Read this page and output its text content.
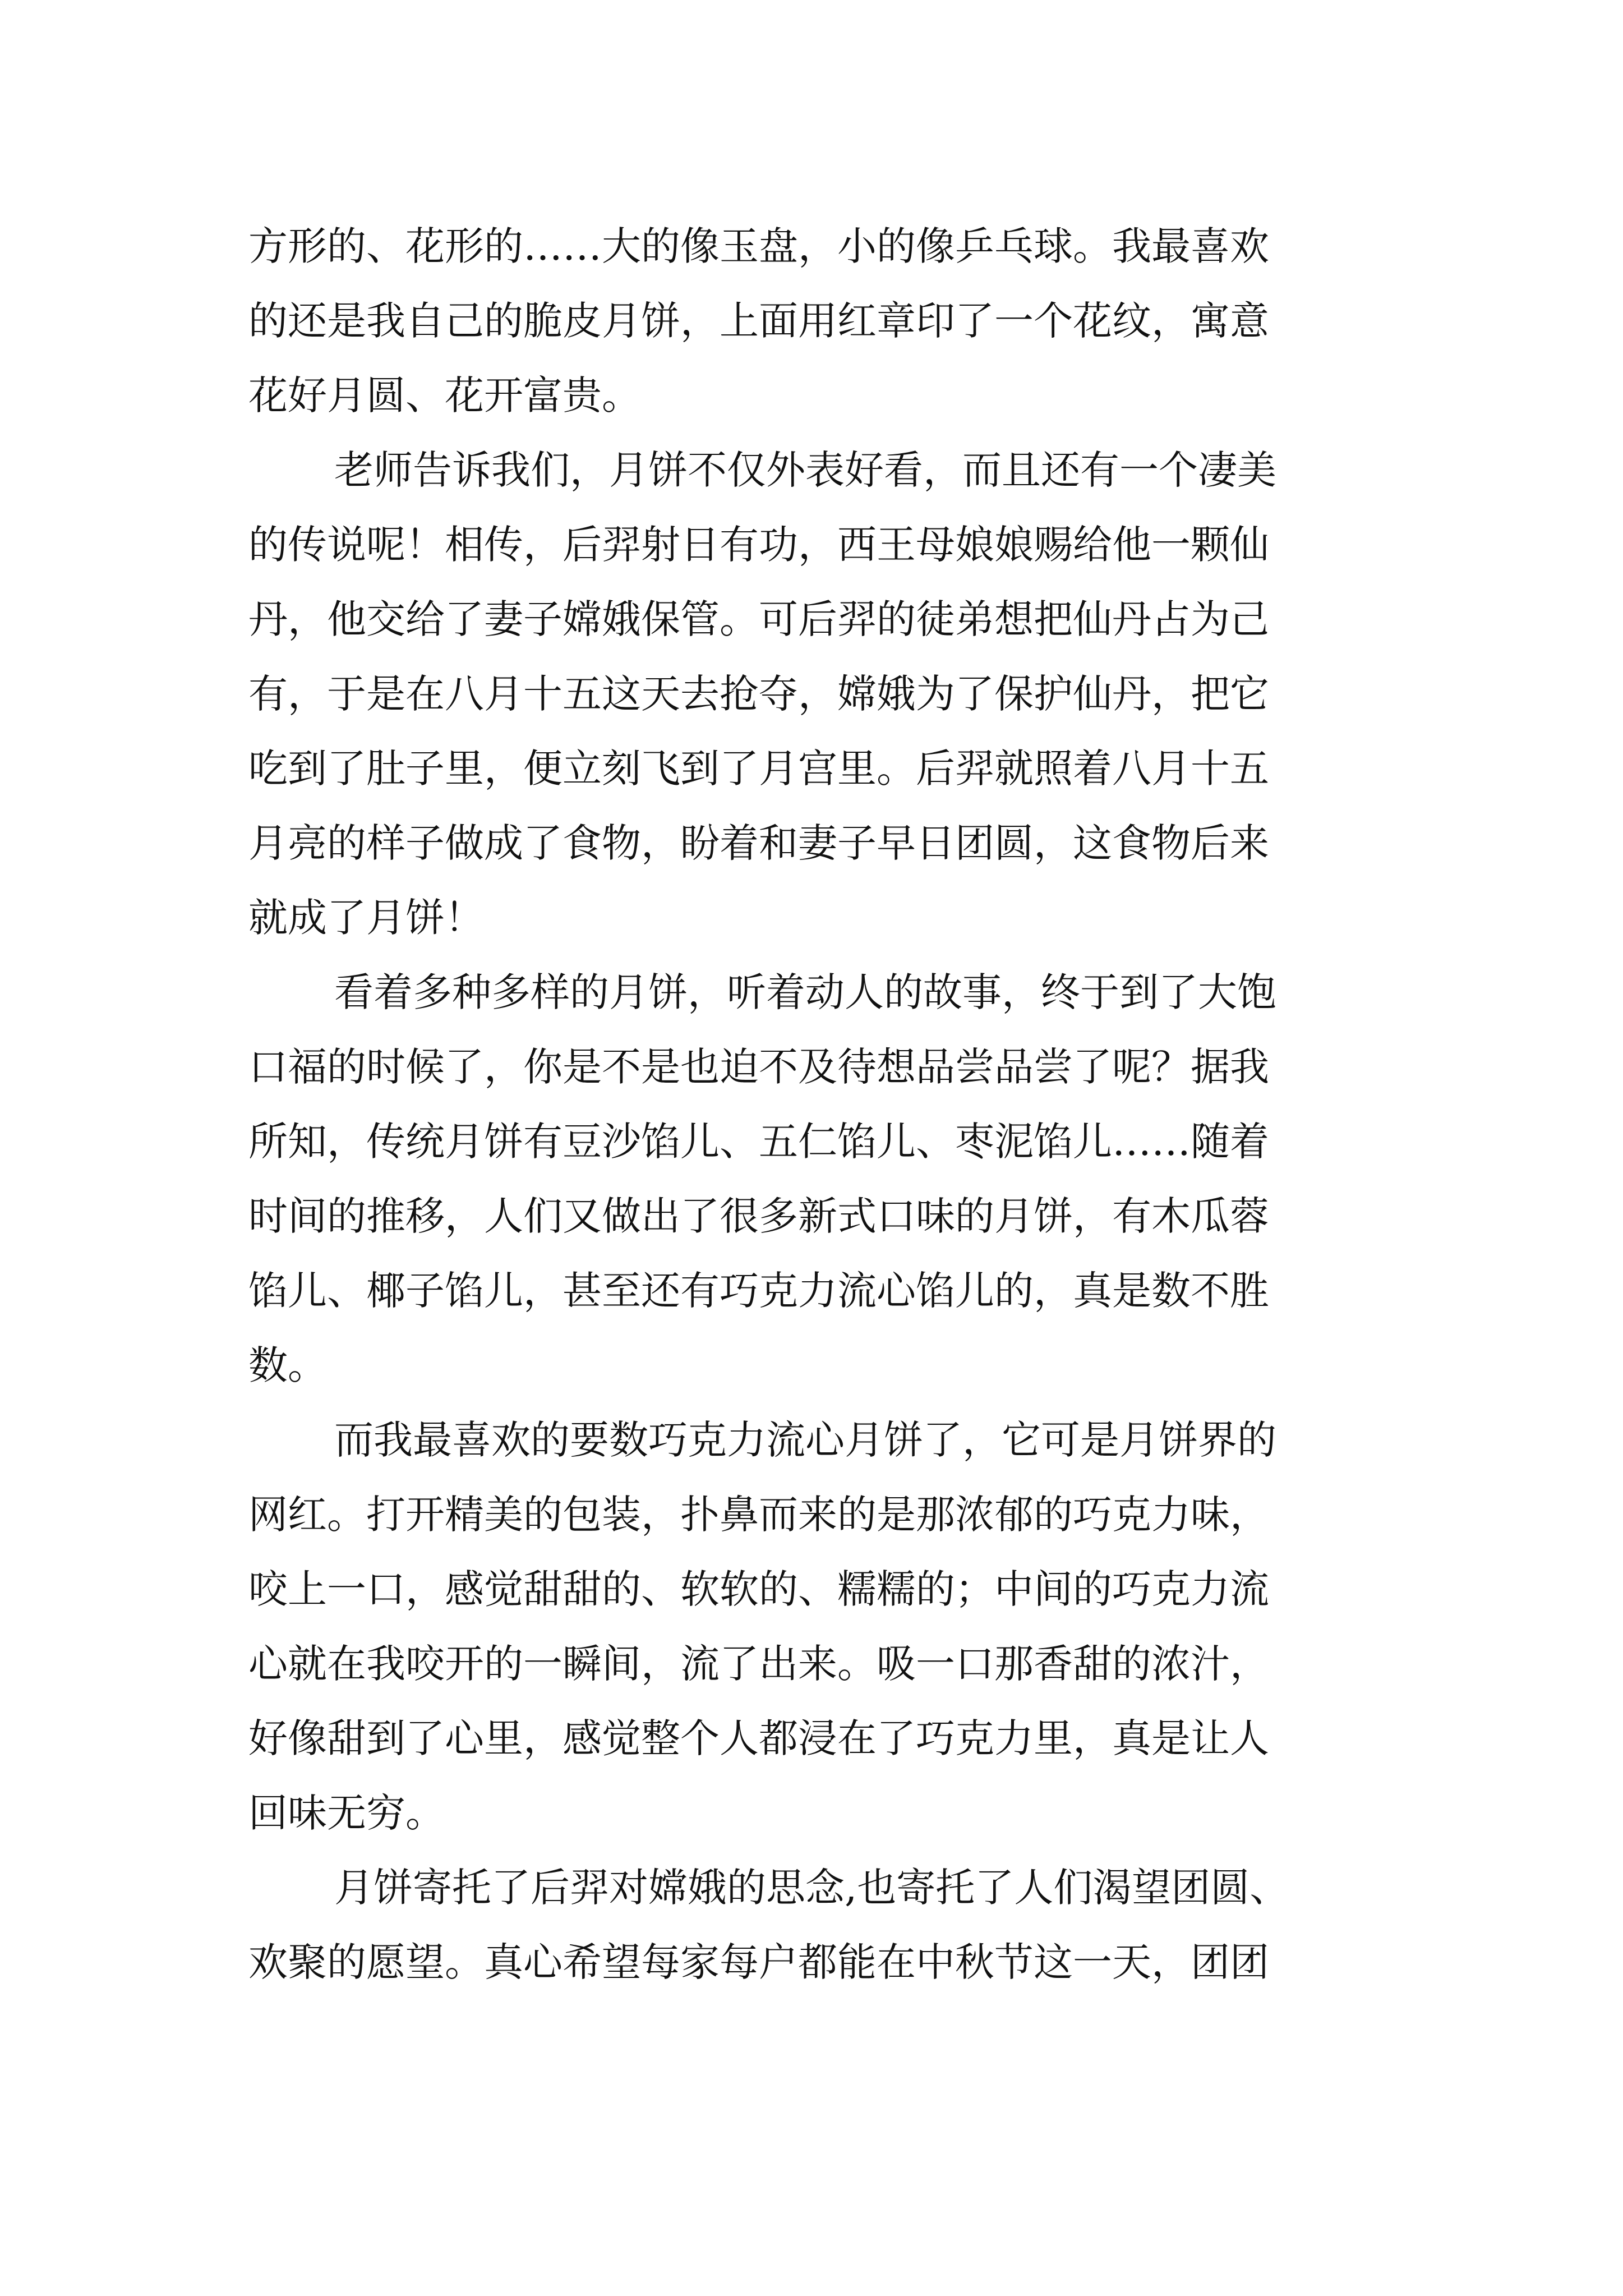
方形的、花形的……大的像玉盘，小的像乒乓球。我最喜欢
的还是我自己的脆皮月饼，上面用红章印了一个花纹，寓意
花好月圆、花开富贵。
老师告诉我们，月饼不仅外表好看，而且还有一个凄美
的传说呢！相传，后羿射日有功，西王母娘娘赐给他一颗仙
丹，他交给了妻子嫦娥保管。可后羿的徒弟想把仙丹占为己
有，于是在八月十五这天去抢夺，嫦娥为了保护仙丹，把它
吃到了肚子里，便立刻飞到了月宫里。后羿就照着八月十五
月亮的样子做成了食物，盼着和妻子早日团圆，这食物后来
就成了月饼！
看着多种多样的月饼，听着动人的故事，终于到了大饱
口福的时候了，你是不是也迫不及待想品尝品尝了呢？据我
所知，传统月饼有豆沙馅儿、五仁馅儿、枣泥馅儿……随着
时间的推移，人们又做出了很多新式口味的月饼，有木瓜蓉
馅儿、椰子馅儿，甚至还有巧克力流心馅儿的，真是数不胜
数。
而我最喜欢的要数巧克力流心月饼了，它可是月饼界的
网红。打开精美的包装，扑鼻而来的是那浓郁的巧克力味，
咬上一口，感觉甜甜的、软软的、糯糯的；中间的巧克力流
心就在我咬开的一瞬间，流了出来。吸一口那香甜的浓汁，
好像甜到了心里，感觉整个人都浸在了巧克力里，真是让人
回味无穷。
月饼寄托了后羿对嫦娥的思念,也寄托了人们渴望团圆、
欢聚的愿望。真心希望每家每户都能在中秋节这一天，团团
